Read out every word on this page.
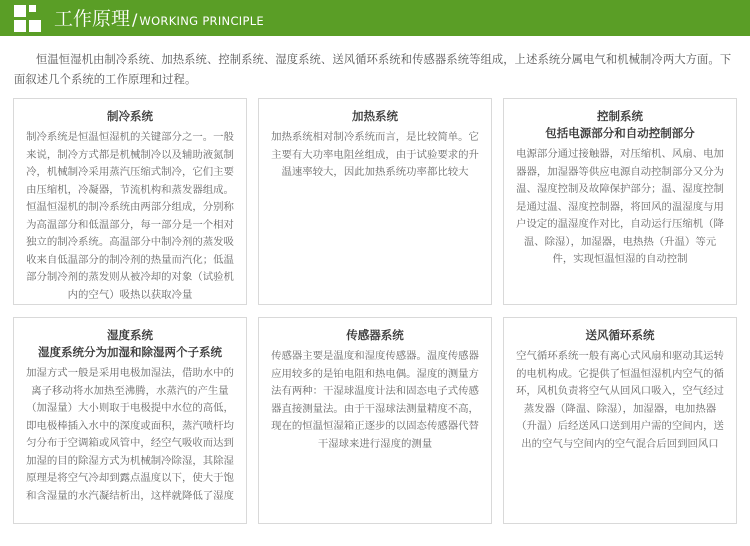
工作原理 / WORKING PRINCIPLE
恒温恒湿机由制冷系统、加热系统、控制系统、湿度系统、送风循环系统和传感器系统等组成，上述系统分属电气和机械制冷两大方面。下面叙述几个系统的工作原理和过程。
制冷系统

制冷系统是恒温恒湿机的关键部分之一。一般来说，制冷方式都是机械制冷以及辅助液氮制冷，机械制冷采用蒸汽压缩式制冷，它们主要由压缩机，冷凝器，节流机构和蒸发器组成。恒温恒湿机的制冷系统由两部分组成，分别称为高温部分和低温部分，每一部分是一个相对独立的制冷系统。高温部分中制冷剂的蒸发吸收来自低温部分的制冷剂的热量而汽化；低温部分制冷剂的蒸发则从被冷却的对象（试验机内的空气）吸热以获取冷量

加热系统

加热系统相对制冷系统而言，是比较简单。它主要有大功率电阻丝组成，由于试验要求的升温速率较大，因此加热系统功率都比较大

控制系统
包括电源部分和自动控制部分

电源部分通过接触器，对压缩机、风扇、电加器器，加湿器等供应电源自动控制部分又分为温、湿度控制及故障保护部分；温、湿度控制是通过温、湿度控制器，将回风的温湿度与用户设定的温湿度作对比，自动运行压缩机（降温、除湿），加湿器，电热热（升温）等元件，实现恒温恒湿的自动控制

湿度系统
湿度系统分为加湿和除湿两个子系统

加湿方式一般是采用电极加湿法，借助水中的离子移动将水加热至沸腾，水蒸汽的产生量（加湿量）大小则取于电极提中水位的高低，即电极棒插入水中的深度或面积，蒸汽喷杆均匀分布于空调箱或风管中，经空气吸收而达到加湿的目的除湿方式为机械制冷除湿，其除湿原理是将空气冷却到露点温度以下，使大于饱和含湿量的水汽凝结析出，这样就降低了湿度

传感器系统

传感器主要是温度和湿度传感器。温度传感器应用较多的是铂电阻和热电偶。湿度的测量方法有两种：干湿球温度计法和固态电子式传感器直接测量法。由于干湿球法测量精度不高，现在的恒温恒湿箱正逐步的以固态传感器代替干湿球来进行湿度的测量

送风循环系统

空气循环系统一般有离心式风扇和驱动其运转的电机构成。它提供了恒温恒湿机内空气的循环，风机负责将空气从回风口吸入，空气经过蒸发器（降温、除湿），加湿器，电加热器（升温）后经送风口送到用户需的空间内，送出的空气与空间内的空气混合后回到回风口
